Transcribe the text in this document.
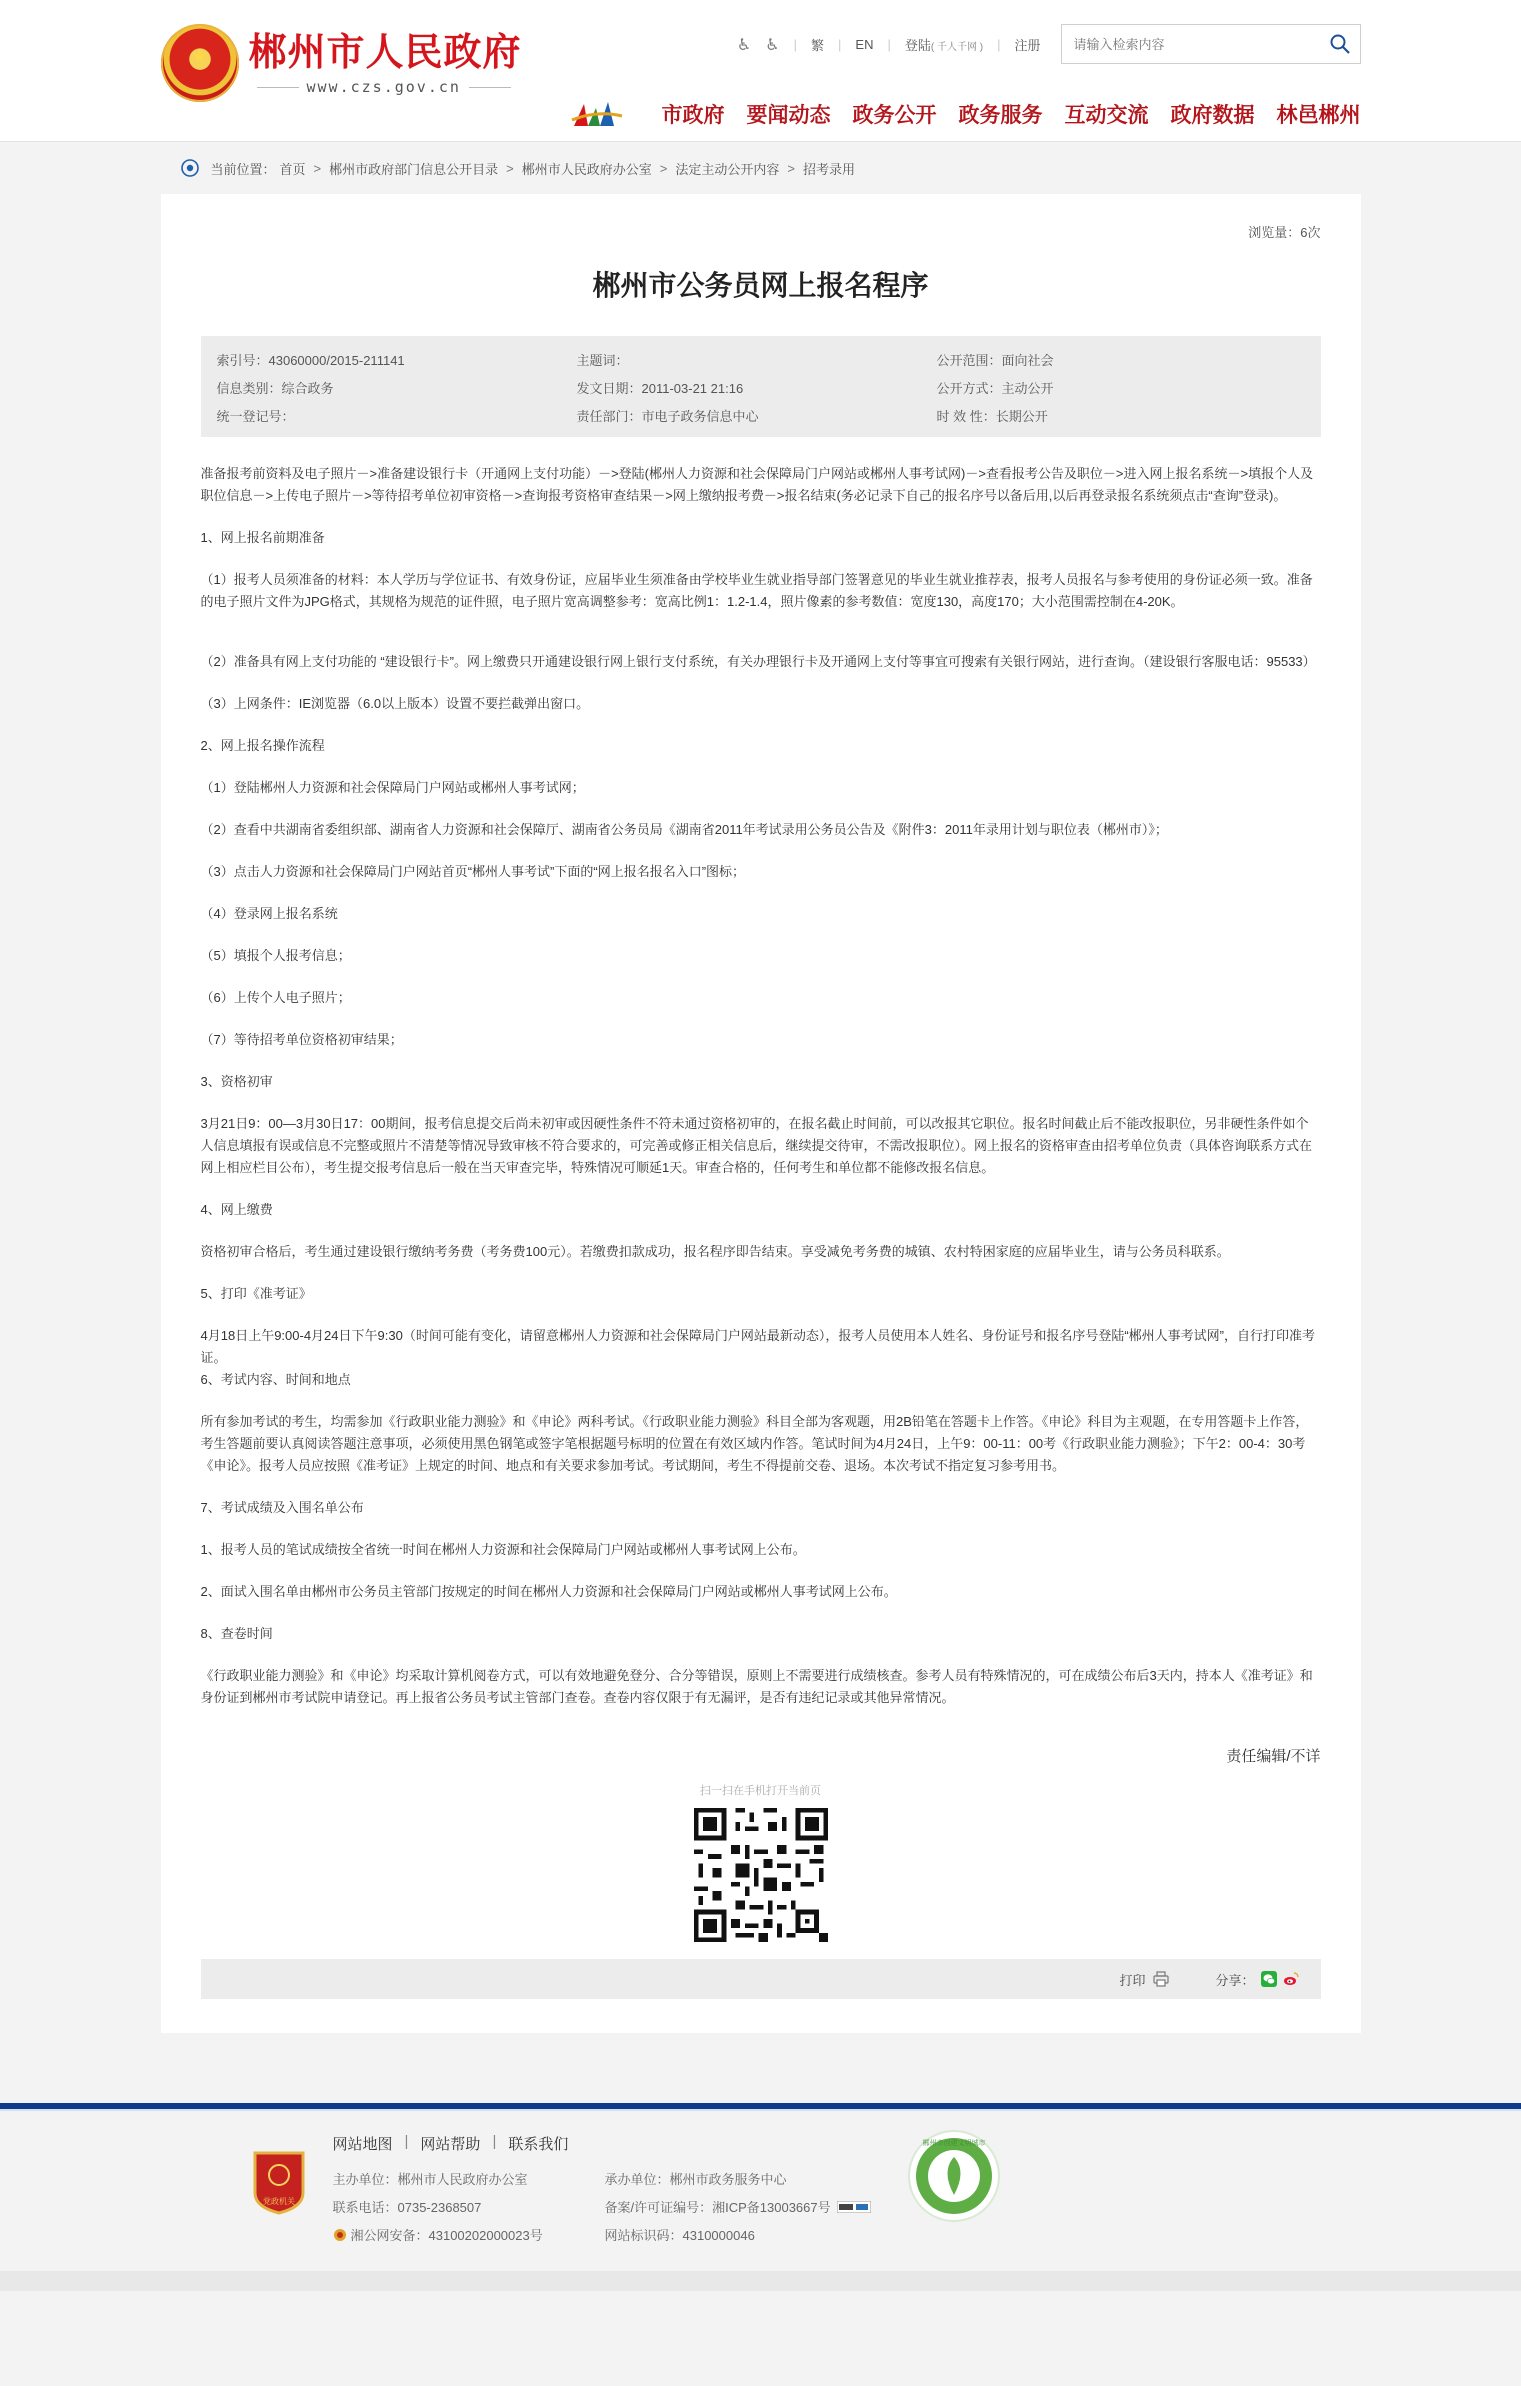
★
郴州市人民政府
www.czs.gov.cn
♿︎ ♿ | 繁 | EN | 登陆( 千人千网 ) | 注册
请输入检索内容
市政府 要闻动态 政务公开 政务服务 互动交流 政府数据 林邑郴州
当前位置： 首页 > 郴州市政府部门信息公开目录 > 郴州市人民政府办公室 > 法定主动公开内容 > 招考录用
浏览量：6次
郴州市公务员网上报名程序
索引号：43060000/2015-211141	主题词：	公开范围：面向社会
信息类别：综合政务	发文日期：2011-03-21 21:16	公开方式：主动公开
统一登记号：	责任部门：市电子政务信息中心	时 效 性：长期公开

准备报考前资料及电子照片－>准备建设银行卡（开通网上支付功能）－>登陆(郴州人力资源和社会保障局门户网站或郴州人事考试网)－>查看报考公告及职位－>进入网上报名系统－>填报个人及职位信息－>上传电子照片－>等待招考单位初审资格－>查询报考资格审查结果－>网上缴纳报考费－>报名结束(务必记录下自己的报名序号以备后用,以后再登录报名系统须点击“查询”登录)。

1、网上报名前期准备

（1）报考人员须准备的材料：本人学历与学位证书、有效身份证，应届毕业生须准备由学校毕业生就业指导部门签署意见的毕业生就业推荐表，报考人员报名与参考使用的身份证必须一致。准备的电子照片文件为JPG格式，其规格为规范的证件照，电子照片宽高调整参考：宽高比例1：1.2-1.4，照片像素的参考数值：宽度130，高度170；大小范围需控制在4-20K。

（2）准备具有网上支付功能的 “建设银行卡”。网上缴费只开通建设银行网上银行支付系统，有关办理银行卡及开通网上支付等事宜可搜索有关银行网站，进行查询。（建设银行客服电话：95533）

（3）上网条件：IE浏览器（6.0以上版本）设置不要拦截弹出窗口。

2、网上报名操作流程

（1）登陆郴州人力资源和社会保障局门户网站或郴州人事考试网；

（2）查看中共湖南省委组织部、湖南省人力资源和社会保障厅、湖南省公务员局《湖南省2011年考试录用公务员公告及《附件3：2011年录用计划与职位表（郴州市）》；

（3）点击人力资源和社会保障局门户网站首页“郴州人事考试”下面的“网上报名报名入口”图标；

（4）登录网上报名系统

（5）填报个人报考信息；

（6）上传个人电子照片；

（7）等待招考单位资格初审结果；

3、资格初审

3月21日9：00—3月30日17：00期间，报考信息提交后尚未初审或因硬性条件不符未通过资格初审的，在报名截止时间前，可以改报其它职位。报名时间截止后不能改报职位，另非硬性条件如个人信息填报有误或信息不完整或照片不清楚等情况导致审核不符合要求的，可完善或修正相关信息后，继续提交待审，不需改报职位）。网上报名的资格审查由招考单位负责（具体咨询联系方式在网上相应栏目公布），考生提交报考信息后一般在当天审查完毕，特殊情况可顺延1天。审查合格的，任何考生和单位都不能修改报名信息。

4、网上缴费

资格初审合格后，考生通过建设银行缴纳考务费（考务费100元）。若缴费扣款成功，报名程序即告结束。享受减免考务费的城镇、农村特困家庭的应届毕业生，请与公务员科联系。

5、打印《准考证》

4月18日上午9:00-4月24日下午9:30（时间可能有变化，请留意郴州人力资源和社会保障局门户网站最新动态），报考人员使用本人姓名、身份证号和报名序号登陆“郴州人事考试网”，自行打印准考证。

6、考试内容、时间和地点

所有参加考试的考生，均需参加《行政职业能力测验》和《申论》两科考试。《行政职业能力测验》科目全部为客观题，用2B铅笔在答题卡上作答。《申论》科目为主观题，在专用答题卡上作答，考生答题前要认真阅读答题注意事项，必须使用黑色钢笔或签字笔根据题号标明的位置在有效区域内作答。笔试时间为4月24日，上午9：00-11：00考《行政职业能力测验》；下午2：00-4：30考《申论》。报考人员应按照《准考证》上规定的时间、地点和有关要求参加考试。考试期间，考生不得提前交卷、退场。本次考试不指定复习参考用书。

7、考试成绩及入围名单公布

1、报考人员的笔试成绩按全省统一时间在郴州人力资源和社会保障局门户网站或郴州人事考试网上公布。

2、面试入围名单由郴州市公务员主管部门按规定的时间在郴州人力资源和社会保障局门户网站或郴州人事考试网上公布。

8、查卷时间

《行政职业能力测验》和《申论》均采取计算机阅卷方式，可以有效地避免登分、合分等错误，原则上不需要进行成绩核查。参考人员有特殊情况的，可在成绩公布后3天内，持本人《准考证》和身份证到郴州市考试院申请登记。再上报省公务员考试主管部门查卷。查卷内容仅限于有无漏评，是否有违纪记录或其他异常情况。

责任编辑/不详
扫一扫在手机打开当前页
打印	分享：
党政机关
网站地图 | 网站帮助 | 联系我们
主办单位：郴州市人民政府办公室	承办单位：郴州市政务服务中心
联系电话：0735-2368507	备案/许可证编号：湘ICP备13003667号
湘公网安备：43100202000023号	网站标识码：4310000046
郴州市创建文明城市
